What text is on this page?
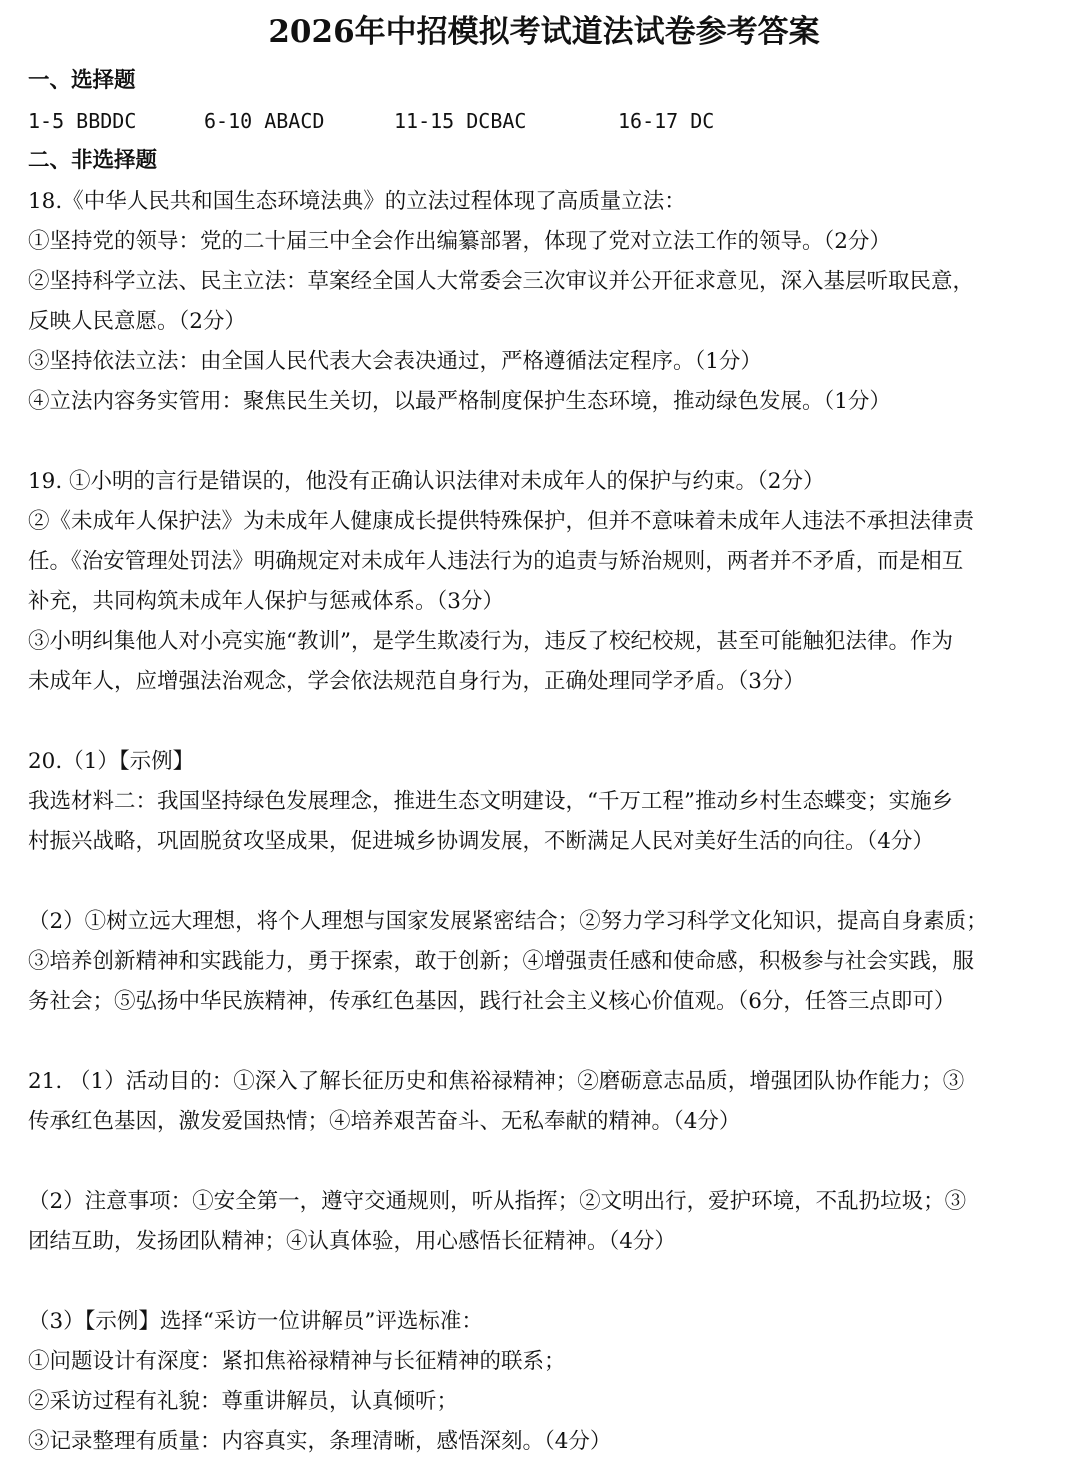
2026年中招模拟考试道法试卷参考答案
一、选择题
1-5 BBDDC	6-10 ABACD	11-15 DCBAC	16-17 DC
二、非选择题
18.《中华人民共和国生态环境法典》的立法过程体现了高质量立法：
①坚持党的领导：党的二十届三中全会作出编纂部署，体现了党对立法工作的领导。（2分）
②坚持科学立法、民主立法：草案经全国人大常委会三次审议并公开征求意见，深入基层听取民意，
反映人民意愿。（2分）
③坚持依法立法：由全国人民代表大会表决通过，严格遵循法定程序。（1分）
④立法内容务实管用：聚焦民生关切，以最严格制度保护生态环境，推动绿色发展。（1分）
19. ①小明的言行是错误的，他没有正确认识法律对未成年人的保护与约束。（2分）
②《未成年人保护法》为未成年人健康成长提供特殊保护，但并不意味着未成年人违法不承担法律责
任。《治安管理处罚法》明确规定对未成年人违法行为的追责与矫治规则，两者并不矛盾，而是相互
补充，共同构筑未成年人保护与惩戒体系。（3分）
③小明纠集他人对小亮实施“教训”，是学生欺凌行为，违反了校纪校规，甚至可能触犯法律。作为
未成年人，应增强法治观念，学会依法规范自身行为，正确处理同学矛盾。（3分）
20.（1）【示例】
我选材料二：我国坚持绿色发展理念，推进生态文明建设，“千万工程”推动乡村生态蝶变；实施乡
村振兴战略，巩固脱贫攻坚成果，促进城乡协调发展，不断满足人民对美好生活的向往。（4分）
（2）①树立远大理想，将个人理想与国家发展紧密结合；②努力学习科学文化知识，提高自身素质；
③培养创新精神和实践能力，勇于探索，敢于创新；④增强责任感和使命感，积极参与社会实践，服
务社会；⑤弘扬中华民族精神，传承红色基因，践行社会主义核心价值观。（6分，任答三点即可）
21. （1）活动目的：①深入了解长征历史和焦裕禄精神；②磨砺意志品质，增强团队协作能力；③
传承红色基因，激发爱国热情；④培养艰苦奋斗、无私奉献的精神。（4分）
（2）注意事项：①安全第一，遵守交通规则，听从指挥；②文明出行，爱护环境，不乱扔垃圾；③
团结互助，发扬团队精神；④认真体验，用心感悟长征精神。（4分）
（3）【示例】选择“采访一位讲解员”评选标准：
①问题设计有深度：紧扣焦裕禄精神与长征精神的联系；
②采访过程有礼貌：尊重讲解员，认真倾听；
③记录整理有质量：内容真实，条理清晰，感悟深刻。（4分）
